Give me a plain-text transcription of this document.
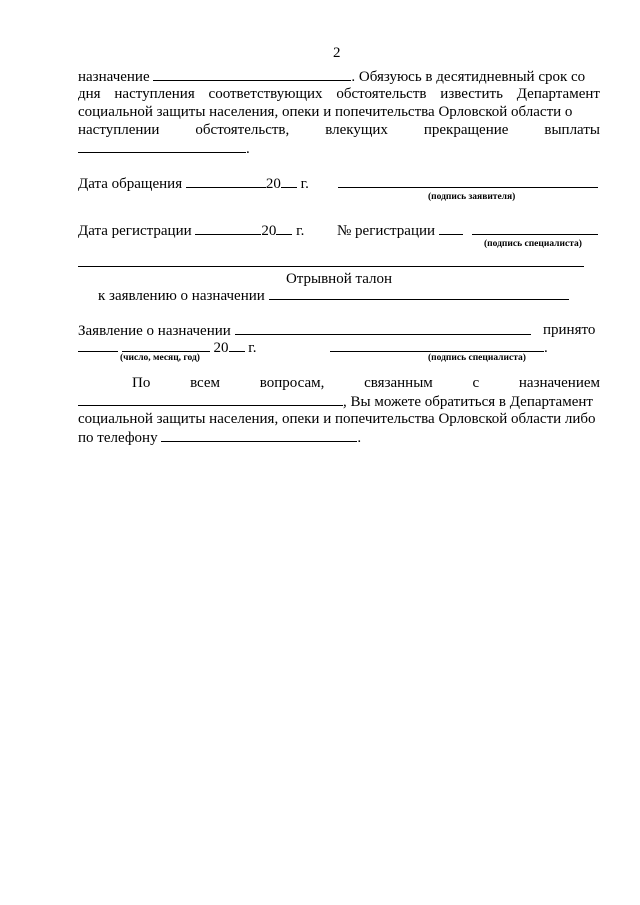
2
назначение	. Обязуюсь в десятидневный срок со
дня наступления соответствующих обстоятельств известить Департамент
социальной защиты населения, опеки и попечительства Орловской области о
наступлении обстоятельств, влекущих прекращение выплаты
.
Дата обращения	20 г.
(подпись заявителя)
Дата регистрации	20 г. № регистрации
(подпись специалиста)
Отрывной талон
к заявлению о назначении
Заявление о назначении	принято
20 г.	.
(число, месяц, год)	(подпись специалиста)
По	всем	вопросам,	связанным	с	назначением
, Вы можете обратиться в Департамент
социальной защиты населения, опеки и попечительства Орловской области либо
по телефону	.
